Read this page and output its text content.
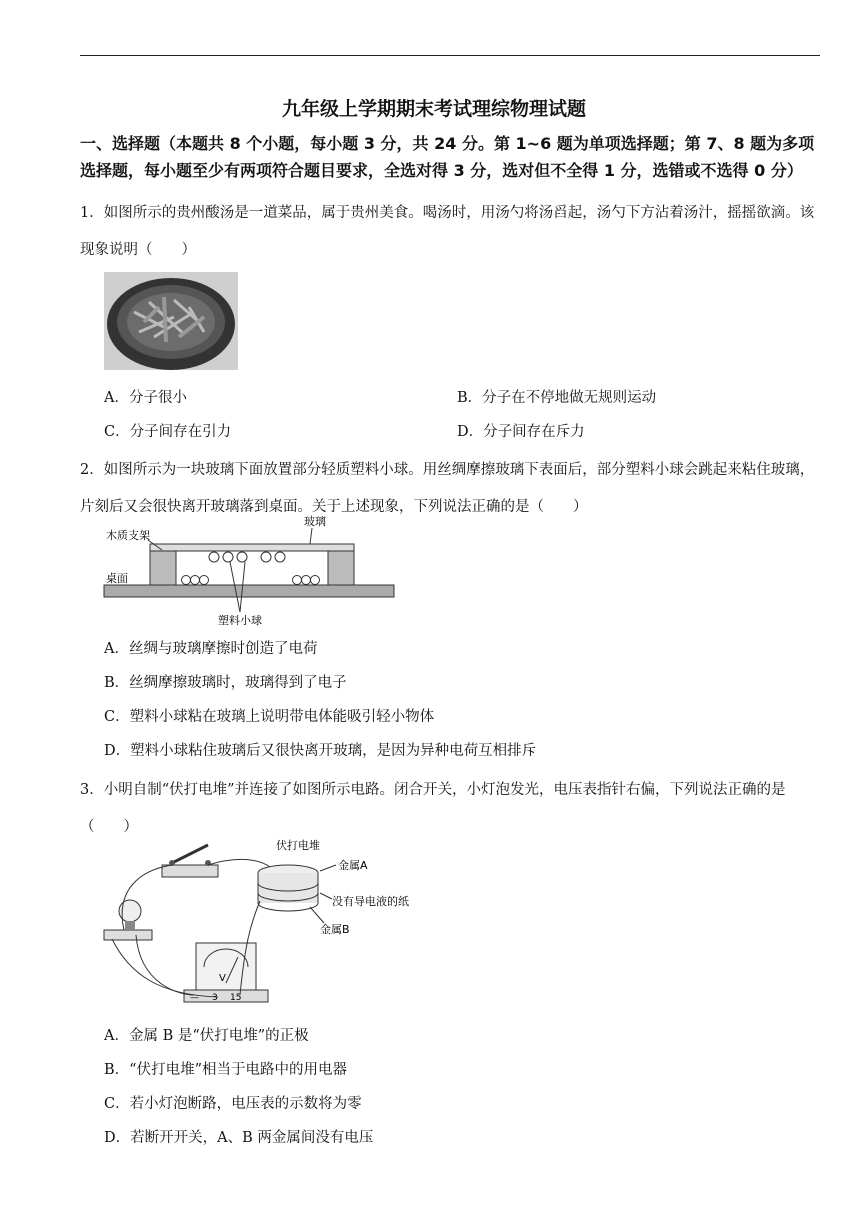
九年级上学期期末考试理综物理试题
一、选择题（本题共 8 个小题，每小题 3 分，共 24 分。第 1~6 题为单项选择题；第 7、8 题为多项选择题，每小题至少有两项符合题目要求，全选对得 3 分，选对但不全得 1 分，选错或不选得 0 分）
1．如图所示的贵州酸汤是一道菜品，属于贵州美食。喝汤时，用汤勺将汤舀起，汤勺下方沾着汤汁，摇摇欲滴。该现象说明（　　）
A．分子很小	B．分子在不停地做无规则运动
C．分子间存在引力	D．分子间存在斥力
2．如图所示为一块玻璃下面放置部分轻质塑料小球。用丝绸摩擦玻璃下表面后，部分塑料小球会跳起来粘住玻璃，片刻后又会很快离开玻璃落到桌面。关于上述现象，下列说法正确的是（　　）
玻璃
木质支架
桌面
塑料小球
A．丝绸与玻璃摩擦时创造了电荷
B．丝绸摩擦玻璃时，玻璃得到了电子
C．塑料小球粘在玻璃上说明带电体能吸引轻小物体
D．塑料小球粘住玻璃后又很快离开玻璃，是因为异种电荷互相排斥
3．小明自制“伏打电堆”并连接了如图所示电路。闭合开关，小灯泡发光，电压表指针右偏，下列说法正确的是（　　）
伏打电堆
金属A
没有导电液的纸
金属B
V
— 3 15
A．金属 B 是“伏打电堆”的正极
B．“伏打电堆”相当于电路中的用电器
C．若小灯泡断路，电压表的示数将为零
D．若断开开关，A、B 两金属间没有电压
